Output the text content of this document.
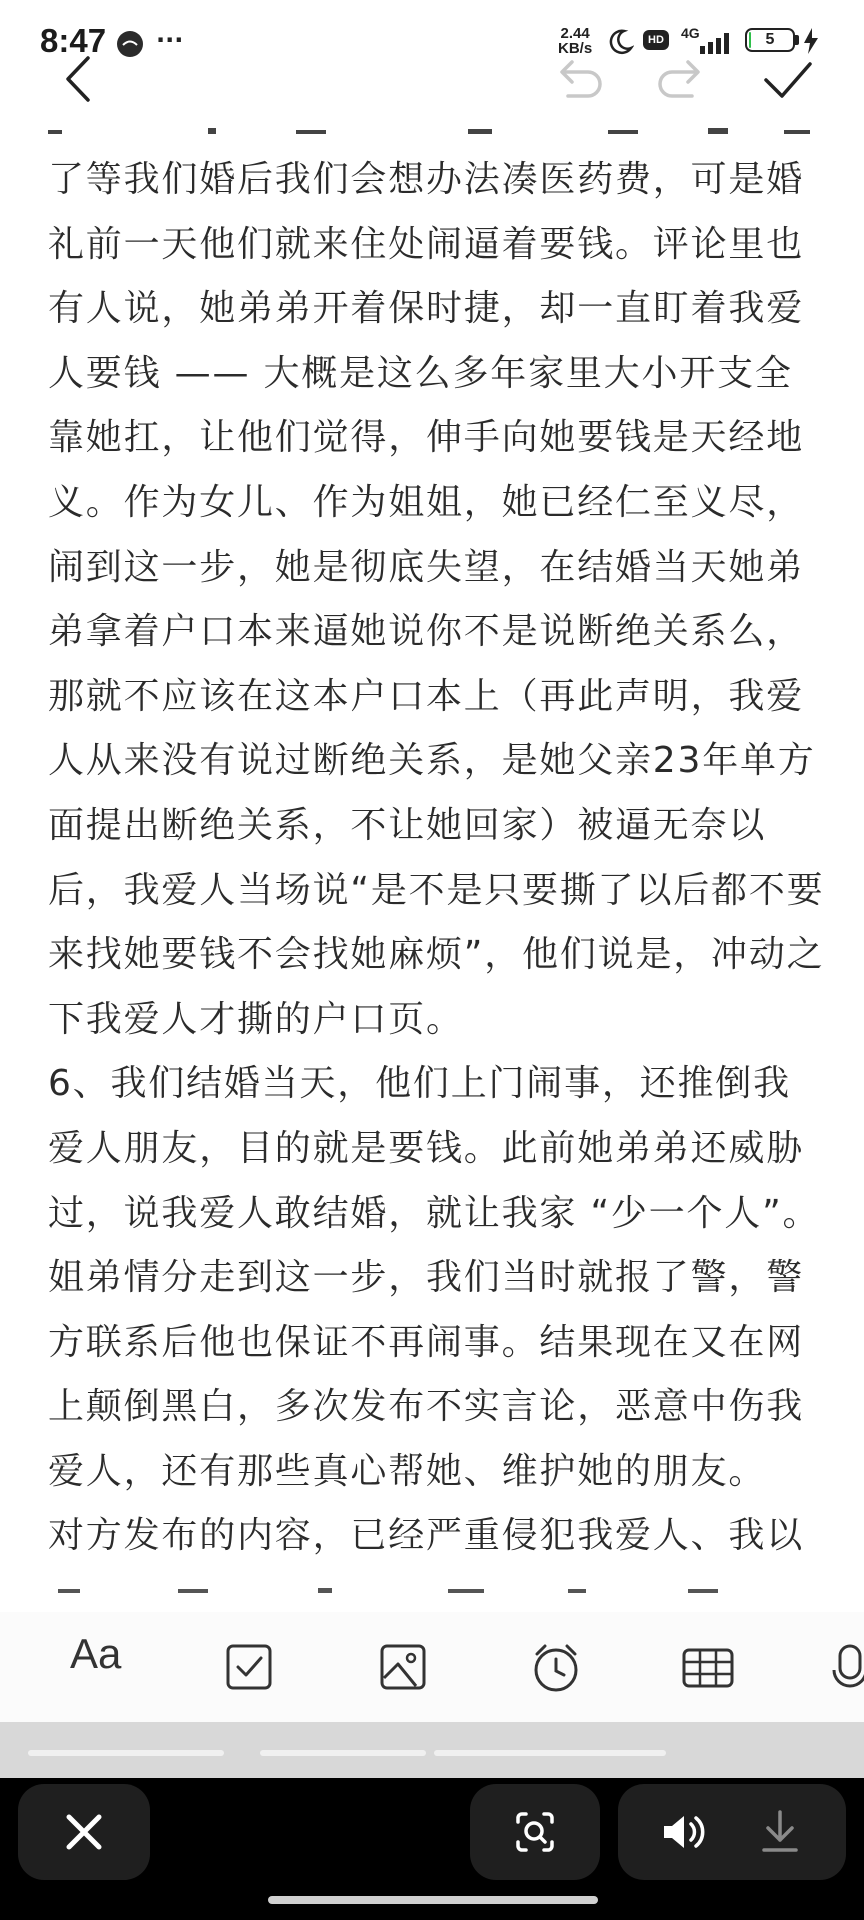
8:47 ···	2.44
KB/s	HD	4G	5

了等我们婚后我们会想办法凑医药费，可是婚礼前一天他们就来住处闹逼着要钱。评论里也有人说，她弟弟开着保时捷，却一直盯着我爱人要钱 —— 大概是这么多年家里大小开支全靠她扛，让他们觉得，伸手向她要钱是天经地义。作为女儿、作为姐姐，她已经仁至义尽，闹到这一步，她是彻底失望，在结婚当天她弟弟拿着户口本来逼她说你不是说断绝关系么，那就不应该在这本户口本上（再此声明，我爱人从来没有说过断绝关系，是她父亲23年单方面提出断绝关系，不让她回家）被逼无奈以后，我爱人当场说“是不是只要撕了以后都不要来找她要钱不会找她麻烦”，他们说是，冲动之下我爱人才撕的户口页。

6、我们结婚当天，他们上门闹事，还推倒我爱人朋友，目的就是要钱。此前她弟弟还威胁过，说我爱人敢结婚，就让我家 “少一个人”。姐弟情分走到这一步，我们当时就报了警，警方联系后他也保证不再闹事。结果现在又在网上颠倒黑白，多次发布不实言论，恶意中伤我爱人，还有那些真心帮她、维护她的朋友。

对方发布的内容，已经严重侵犯我爱人、我以

Aa
